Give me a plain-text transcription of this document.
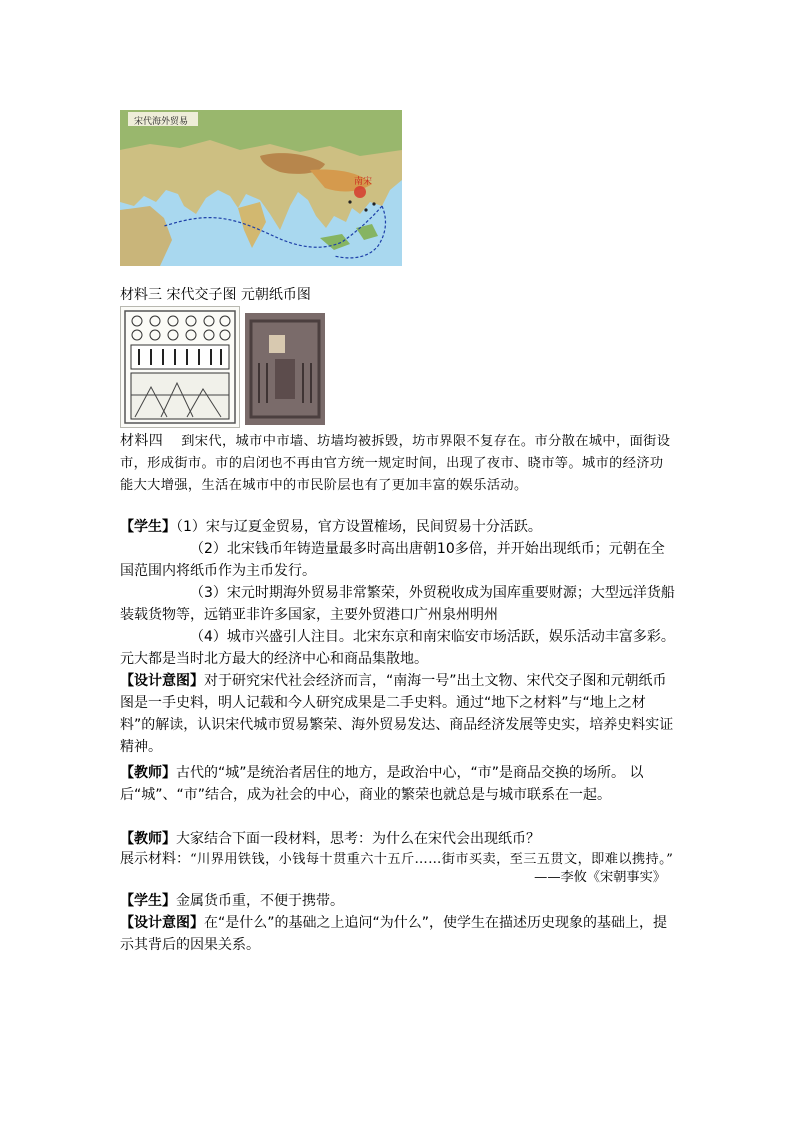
南宋
宋代海外贸易
材料三 宋代交子图 元朝纸币图

材料四 到宋代，城市中市墙、坊墙均被拆毁，坊市界限不复存在。市分散在城中，面街设市，形成街市。市的启闭也不再由官方统一规定时间，出现了夜市、晓市等。城市的经济功能大大增强，生活在城市中的市民阶层也有了更加丰富的娱乐活动。

【学生】（1）宋与辽夏金贸易，官方设置榷场，民间贸易十分活跃。

（2）北宋钱币年铸造量最多时高出唐朝10多倍，并开始出现纸币；元朝在全国范围内将纸币作为主币发行。

（3）宋元时期海外贸易非常繁荣，外贸税收成为国库重要财源；大型远洋货船装载货物等，远销亚非许多国家，主要外贸港口广州泉州明州

（4）城市兴盛引人注目。北宋东京和南宋临安市场活跃，娱乐活动丰富多彩。元大都是当时北方最大的经济中心和商品集散地。

【设计意图】对于研究宋代社会经济而言，“南海一号”出土文物、宋代交子图和元朝纸币图是一手史料，明人记载和今人研究成果是二手史料。通过“地下之材料”与“地上之材料”的解读，认识宋代城市贸易繁荣、海外贸易发达、商品经济发展等史实，培养史料实证精神。

【教师】古代的“城”是统治者居住的地方，是政治中心，“市”是商品交换的场所。 以后“城”、“市”结合，成为社会的中心，商业的繁荣也就总是与城市联系在一起。

【教师】大家结合下面一段材料，思考：为什么在宋代会出现纸币？

展示材料：“川界用铁钱，小钱每十贯重六十五斤……街市买卖，至三五贯文，即难以携持。”

——李攸《宋朝事实》

【学生】金属货币重，不便于携带。

【设计意图】在“是什么”的基础之上追问“为什么”，使学生在描述历史现象的基础上，提示其背后的因果关系。
